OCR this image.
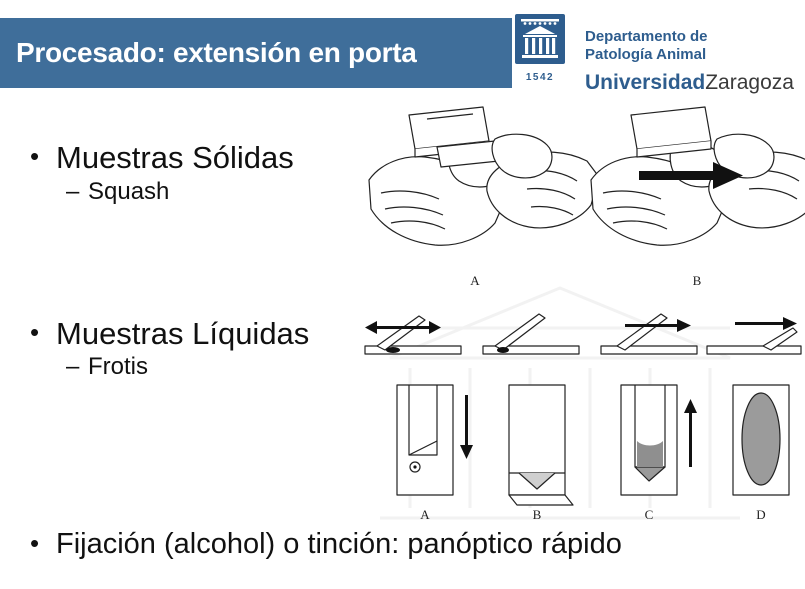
Procesado: extensión en porta
1542
Departamento de
Patología Animal
UniversidadZaragoza
• Muestras Sólidas
– Squash
• Muestras Líquidas
– Frotis
• Fijación (alcohol) o tinción: panóptico rápido
A	B
A	B	C	D
